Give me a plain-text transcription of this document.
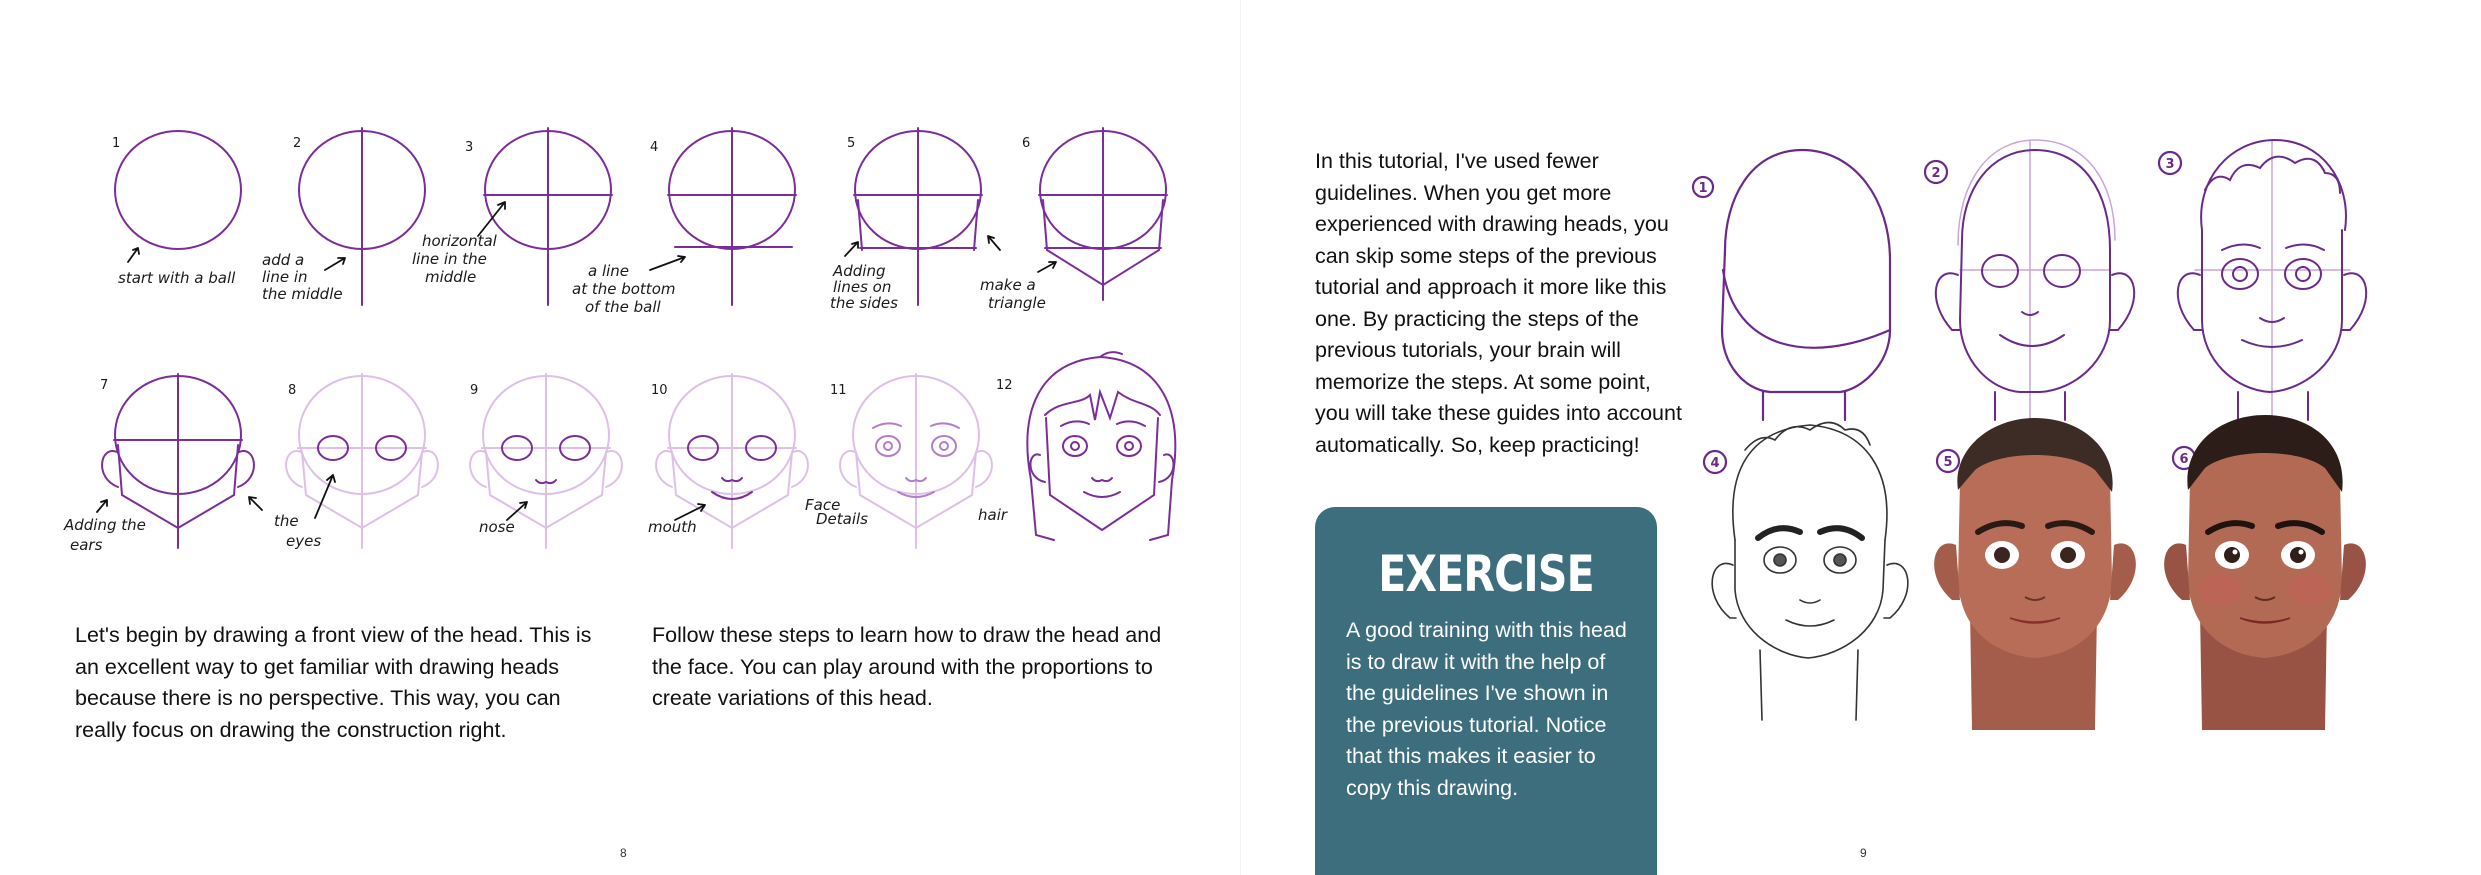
1	2	3	4	5	6
start with a ball
add a line in the middle
horizontal line in the middle	a line at the bottom of the ball
Adding lines on the sides
make a triangle
7	8	9	10	11	12
Adding the ears
the eyes
nose	mouth
Face Details	hair

Let's begin by drawing a front view of the head. This is an excellent way to get familiar with drawing heads because there is no perspective. This way, you can really focus on drawing the construction right.

Follow these steps to learn how to draw the head and the face. You can play around with the proportions to create variations of this head.

8

In this tutorial, I've used fewer guidelines. When you get more experienced with drawing heads, you can skip some steps of the previous tutorial and approach it more like this one. By practicing the steps of the previous tutorials, your brain will memorize the steps. At some point, you will take these guides into account automatically. So, keep practicing!

EXERCISE

A good training with this head is to draw it with the help of the guidelines I've shown in the previous tutorial. Notice that this makes it easier to copy this drawing.

1
2
3
4	5	6
9
